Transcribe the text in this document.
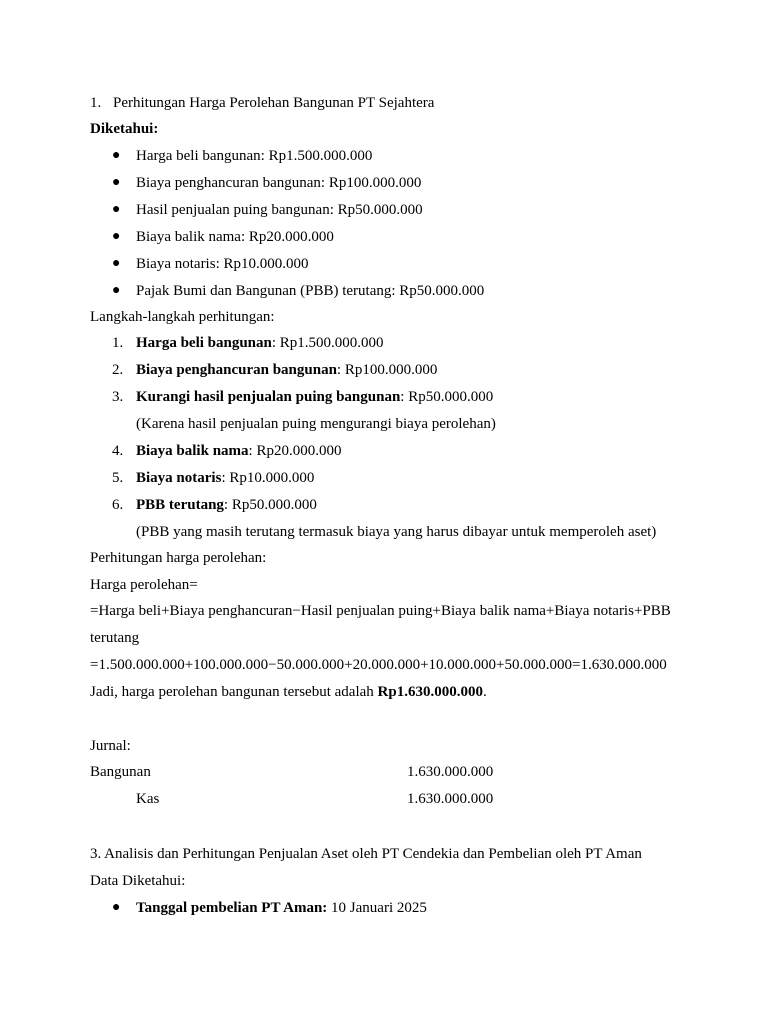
1. Perhitungan Harga Perolehan Bangunan PT Sejahtera
Diketahui:
● Harga beli bangunan: Rp1.500.000.000
● Biaya penghancuran bangunan: Rp100.000.000
● Hasil penjualan puing bangunan: Rp50.000.000
● Biaya balik nama: Rp20.000.000
● Biaya notaris: Rp10.000.000
● Pajak Bumi dan Bangunan (PBB) terutang: Rp50.000.000
Langkah-langkah perhitungan:
1. Harga beli bangunan: Rp1.500.000.000
2. Biaya penghancuran bangunan: Rp100.000.000
3. Kurangi hasil penjualan puing bangunan: Rp50.000.000
(Karena hasil penjualan puing mengurangi biaya perolehan)
4. Biaya balik nama: Rp20.000.000
5. Biaya notaris: Rp10.000.000
6. PBB terutang: Rp50.000.000
(PBB yang masih terutang termasuk biaya yang harus dibayar untuk memperoleh aset)
Perhitungan harga perolehan:
Harga perolehan=
=Harga beli+Biaya penghancuran−Hasil penjualan puing+Biaya balik nama+Biaya notaris+PBB
terutang
=1.500.000.000+100.000.000−50.000.000+20.000.000+10.000.000+50.000.000=1.630.000.000
Jadi, harga perolehan bangunan tersebut adalah Rp1.630.000.000.
Jurnal:
Bangunan	1.630.000.000
Kas	1.630.000.000
3. Analisis dan Perhitungan Penjualan Aset oleh PT Cendekia dan Pembelian oleh PT Aman
Data Diketahui:
● Tanggal pembelian PT Aman: 10 Januari 2025
